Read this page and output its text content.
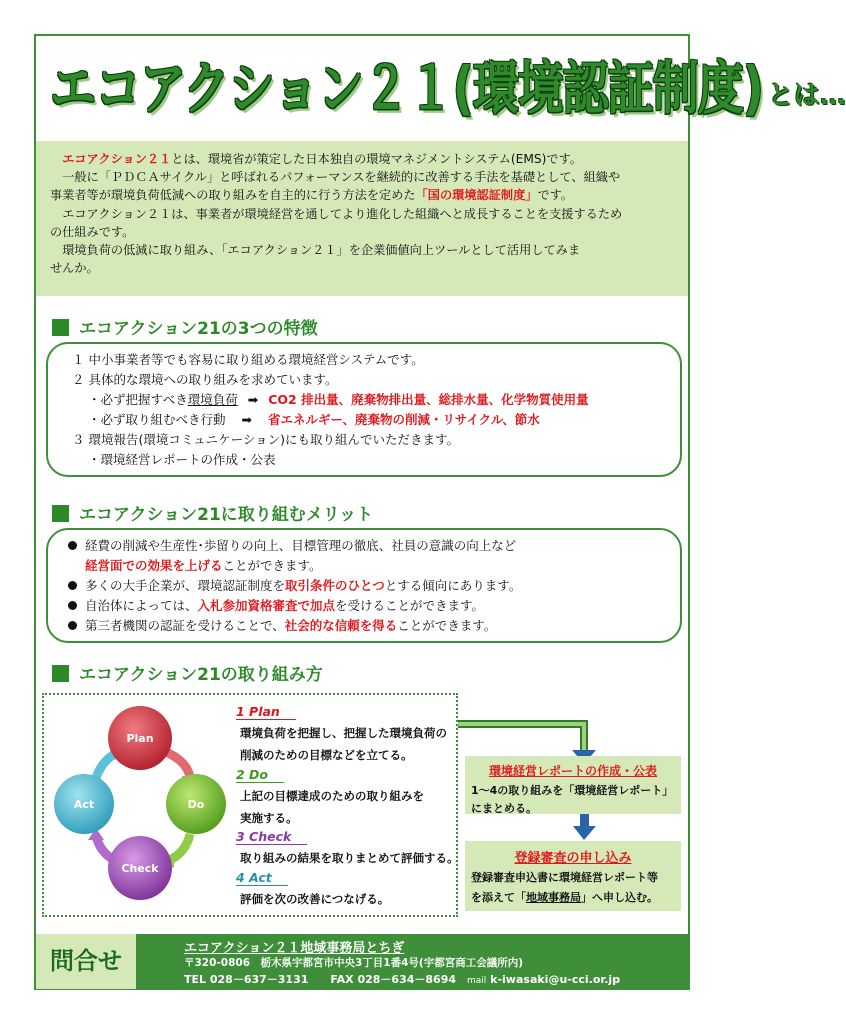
エコアクション２１(環境認証制度) とは…

エコアクション２１とは、環境省が策定した日本独自の環境マネジメントシステム(EMS)です。

一般に「ＰＤＣＡサイクル」と呼ばれるパフォーマンスを継続的に改善する手法を基礎として、組織や

事業者等が環境負荷低減への取り組みを自主的に行う方法を定めた「国の環境認証制度」です。

エコアクション２１は、事業者が環境経営を通してより進化した組織へと成長することを支援するため

の仕組みです。

環境負荷の低減に取り組み、「エコアクション２１」を企業価値向上ツールとして活用してみま

せんか。

エコアクション21の3つの特徴
１ 中小事業者等でも容易に取り組める環境経営システムです。
２ 具体的な環境への取り組みを求めています。
・必ず把握すべき環境負荷 ➡ CO2 排出量、廃棄物排出量、総排水量、化学物質使用量
・必ず取り組むべき行動 ➡ 省エネルギー、廃棄物の削減・リサイクル、節水
３ 環境報告(環境コミュニケーション)にも取り組んでいただきます。
・環境経営レポートの作成・公表
エコアクション21に取り組むメリット
経費の削減や生産性･歩留りの向上、目標管理の徹底、社員の意識の向上など
経営面での効果を上げることができます。
多くの大手企業が、環境認証制度を取引条件のひとつとする傾向にあります。
自治体によっては、入札参加資格審査で加点を受けることができます。
第三者機関の認証を受けることで、社会的な信頼を得ることができます。
エコアクション21の取り組み方
Plan
Do
Check
Act
1 Plan
環境負荷を把握し、把握した環境負荷の
削減のための目標などを立てる。
2 Do
上記の目標達成のための取り組みを
実施する。
3 Check
取り組みの結果を取りまとめて評価する。
4 Act
評価を次の改善につなげる。
環境経営レポートの作成・公表
1～4の取り組みを「環境経営レポート」
にまとめる。
登録審査の申し込み
登録審査申込書に環境経営レポート等
を添えて「地域事務局」へ申し込む。
問合せ	エコアクション２１地域事務局とちぎ
〒320-0806　栃木県宇都宮市中央3丁目1番4号(宇都宮商工会議所内)
TEL 028－637－3131　　FAX 028－634－8694　 mail k-iwasaki@u-cci.or.jp
